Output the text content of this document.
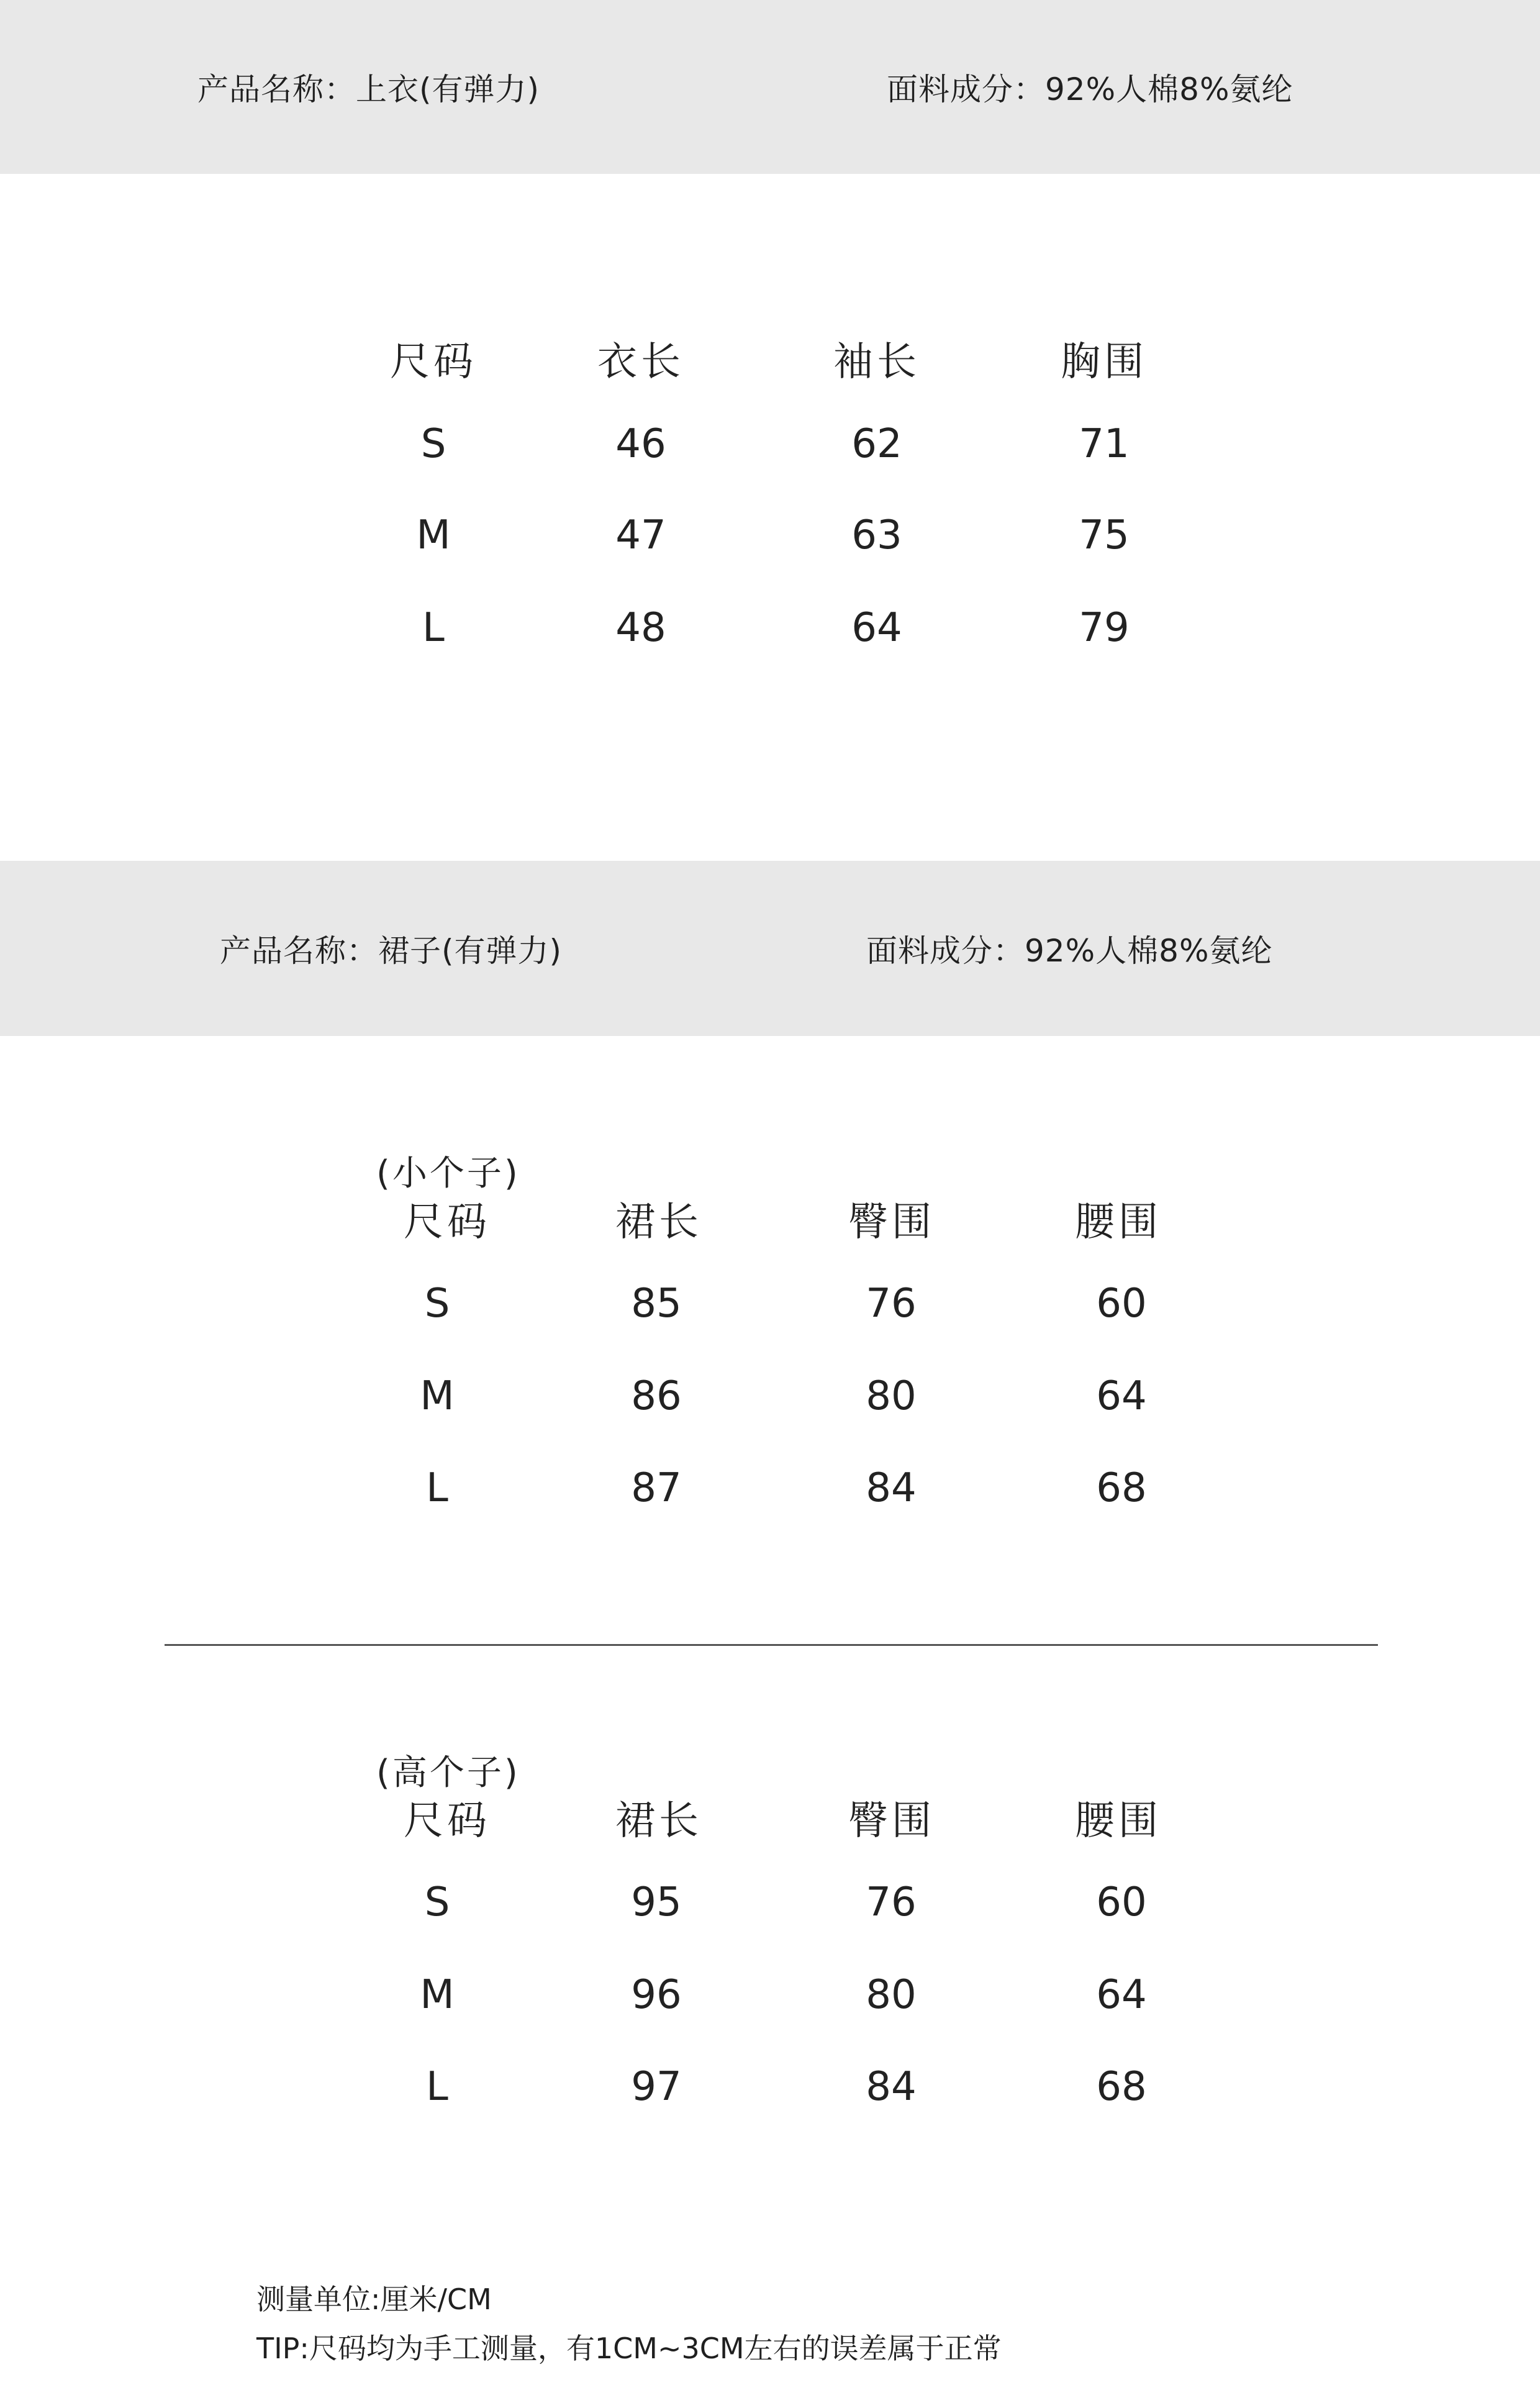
产品名称：上衣(有弹力)	面料成分：92%人棉8%氨纶
尺码	衣长	袖长	胸围
S	46	62	71
M	47	63	75
L	48	64	79
产品名称：裙子(有弹力)	面料成分：92%人棉8%氨纶
(小个子)
尺码	裙长	臀围	腰围
S	85	76	60
M	86	80	64
L	87	84	68
(高个子)
尺码	裙长	臀围	腰围
S	95	76	60
M	96	80	64
L	97	84	68
测量单位:厘米/CM
TIP:尺码均为手工测量，有1CM~3CM左右的误差属于正常
